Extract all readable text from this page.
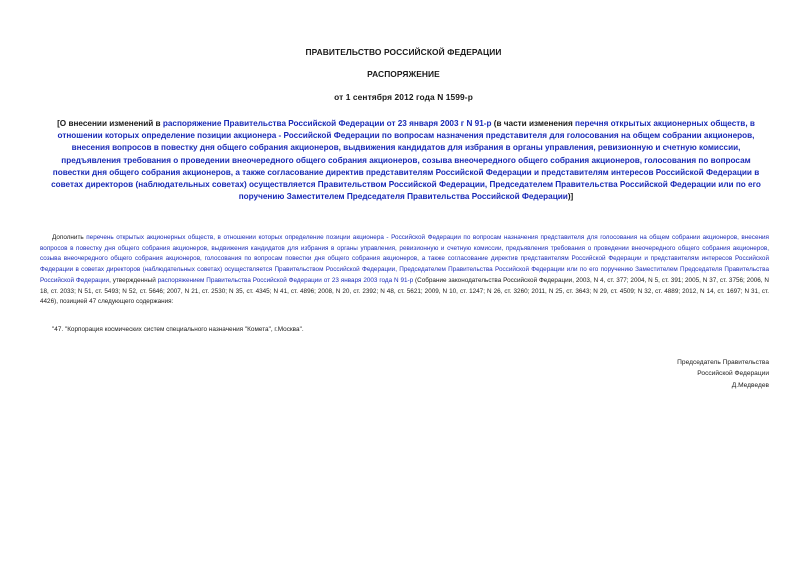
ПРАВИТЕЛЬСТВО РОССИЙСКОЙ ФЕДЕРАЦИИ
РАСПОРЯЖЕНИЕ
от 1 сентября 2012 года N 1599-р
[О внесении изменений в распоряжение Правительства Российской Федерации от 23 января 2003 г N 91-р (в части изменения перечня открытых акционерных обществ, в отношении которых определение позиции акционера - Российской Федерации по вопросам назначения представителя для голосования на общем собрании акционеров, внесения вопросов в повестку дня общего собрания акционеров, выдвижения кандидатов для избрания в органы управления, ревизионную и счетную комиссии, предъявления требования о проведении внеочередного общего собрания акционеров, созыва внеочередного общего собрания акционеров, голосования по вопросам повестки дня общего собрания акционеров, а также согласование директив представителям Российской Федерации и представителям интересов Российской Федерации в советах директоров (наблюдательных советах) осуществляется Правительством Российской Федерации, Председателем Правительства Российской Федерации или по его поручению Заместителем Председателя Правительства Российской Федерации)]
Дополнить перечень открытых акционерных обществ, в отношении которых определение позиции акционера - Российской Федерации по вопросам назначения представителя для голосования на общем собрании акционеров, внесения вопросов в повестку дня общего собрания акционеров, выдвижения кандидатов для избрания в органы управления, ревизионную и счетную комиссии, предъявления требования о проведении внеочередного общего собрания акционеров, созыва внеочередного общего собрания акционеров, голосования по вопросам повестки дня общего собрания акционеров, а также согласование директив представителям Российской Федерации и представителям интересов Российской Федерации в советах директоров (наблюдательных советах) осуществляется Правительством Российской Федерации, Председателем Правительства Российской Федерации или по его поручению Заместителем Председателя Правительства Российской Федерации, утвержденный распоряжением Правительства Российской Федерации от 23 января 2003 года N 91-р (Собрание законодательства Российской Федерации, 2003, N 4, ст. 377; 2004, N 5, ст. 391; 2005, N 37, ст. 3756; 2006, N 18, ст. 2033; N 51, ст. 5493; N 52, ст. 5646; 2007, N 21, ст. 2530; N 35, ст. 4345; N 41, ст. 4896; 2008, N 20, ст. 2392; N 48, ст. 5621; 2009, N 10, ст. 1247; N 26, ст. 3260; 2011, N 25, ст. 3643; N 29, ст. 4509; N 32, ст. 4889; 2012, N 14, ст. 1697; N 31, ст. 4426), позицией 47 следующего содержания:
"47. "Корпорация космических систем специального назначения "Комета", г.Москва".
Председатель Правительства
Российской Федерации
Д.Медведев
